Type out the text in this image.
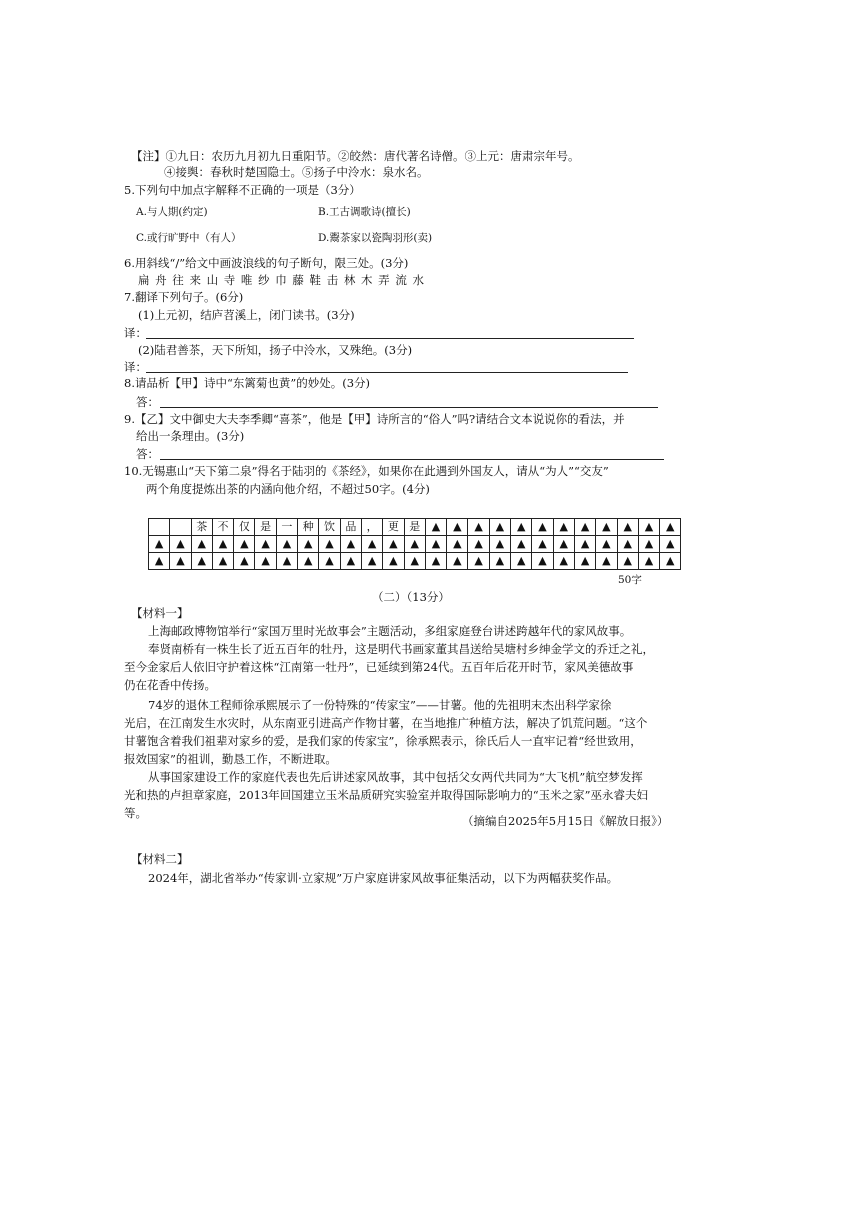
【注】①九日：农历九月初九日重阳节。②皎然：唐代著名诗僧。③上元：唐肃宗年号。
④接舆：春秋时楚国隐士。⑤扬子中泠水：泉水名。
5.下列句中加点字解释不正确的一项是（3分）
A.与人期(约定)	B.工古调歌诗(擅长)
C.或行旷野中（有人）	D.鬻茶家以瓷陶羽形(卖)
6.用斜线“/”给文中画波浪线的句子断句，限三处。(3分)
扁 舟 往 来 山 寺 唯 纱 巾 藤 鞋 击 林 木 弄 流 水
7.翻译下列句子。(6分)
(1)上元初，结庐苕溪上，闭门读书。(3分)
译：
(2)陆君善茶，天下所知，扬子中泠水，又殊绝。(3分)
译：
8.请品析【甲】诗中“东篱菊也黄”的妙处。(3分)
答：
9.【乙】文中御史大夫李季卿“喜茶”，他是【甲】诗所言的“俗人”吗?请结合文本说说你的看法，并
给出一条理由。(3分)
答：
10.无锡惠山“天下第二泉”得名于陆羽的《茶经》，如果你在此遇到外国友人，请从“为人”“交友”
两个角度提炼出茶的内涵向他介绍，不超过50字。(4分)
		茶	不	仅	是	一	种	饮	品	，	更	是	▲	▲	▲	▲	▲	▲	▲	▲	▲	▲	▲	▲
▲	▲	▲	▲	▲	▲	▲	▲	▲	▲	▲	▲	▲	▲	▲	▲	▲	▲	▲	▲	▲	▲	▲	▲	▲
▲	▲	▲	▲	▲	▲	▲	▲	▲	▲	▲	▲	▲	▲	▲	▲	▲	▲	▲	▲	▲	▲	▲	▲	▲
50字
（二）（13分）
【材料一】
上海邮政博物馆举行“家国万里时光故事会”主题活动，多组家庭登台讲述跨越年代的家风故事。
奉贤南桥有一株生长了近五百年的牡丹，这是明代书画家董其昌送给吴塘村乡绅金学文的乔迁之礼，
至今金家后人依旧守护着这株“江南第一牡丹”，已延续到第24代。五百年后花开时节，家风美德故事
仍在花香中传扬。
74岁的退休工程师徐承熙展示了一份特殊的“传家宝”——甘薯。他的先祖明末杰出科学家徐
光启，在江南发生水灾时，从东南亚引进高产作物甘薯，在当地推广种植方法，解决了饥荒问题。“这个
甘薯饱含着我们祖辈对家乡的爱，是我们家的传家宝”，徐承熙表示，徐氏后人一直牢记着“经世致用，
报效国家”的祖训，勤恳工作，不断进取。
从事国家建设工作的家庭代表也先后讲述家风故事，其中包括父女两代共同为“大飞机”航空梦发挥
光和热的卢担章家庭，2013年回国建立玉米品质研究实验室并取得国际影响力的“玉米之家”巫永睿夫妇
等。
（摘编自2025年5月15日《解放日报》）
【材料二】
2024年，湖北省举办“传家训·立家规”万户家庭讲家风故事征集活动，以下为两幅获奖作品。
